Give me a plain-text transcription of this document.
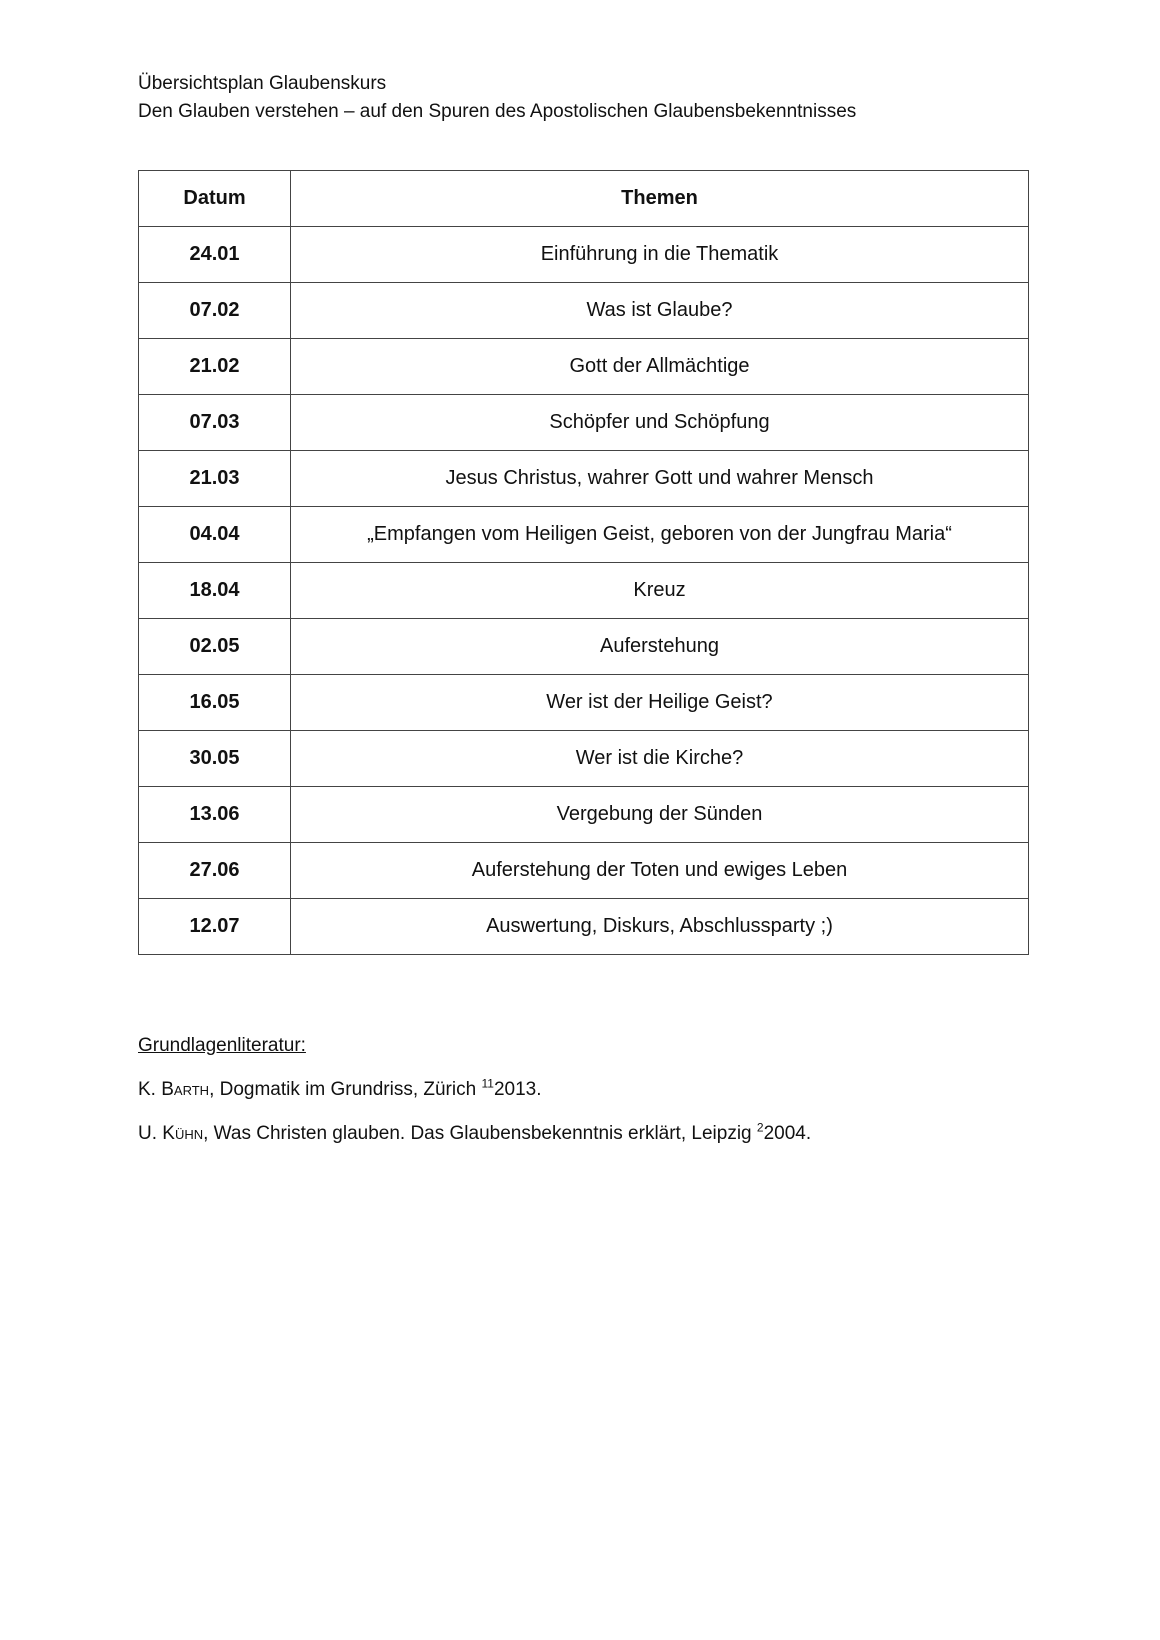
Übersichtsplan Glaubenskurs
Den Glauben verstehen – auf den Spuren des Apostolischen Glaubensbekenntnisses
Datum	Themen
24.01	Einführung in die Thematik
07.02	Was ist Glaube?
21.02	Gott der Allmächtige
07.03	Schöpfer und Schöpfung
21.03	Jesus Christus, wahrer Gott und wahrer Mensch
04.04	„Empfangen vom Heiligen Geist, geboren von der Jungfrau Maria“
18.04	Kreuz
02.05	Auferstehung
16.05	Wer ist der Heilige Geist?
30.05	Wer ist die Kirche?
13.06	Vergebung der Sünden
27.06	Auferstehung der Toten und ewiges Leben
12.07	Auswertung, Diskurs, Abschlussparty ;)
Grundlagenliteratur:
K. Barth, Dogmatik im Grundriss, Zürich $^{11}$2013.
U. Kühn, Was Christen glauben. Das Glaubensbekenntnis erklärt, Leipzig $^2$2004.
